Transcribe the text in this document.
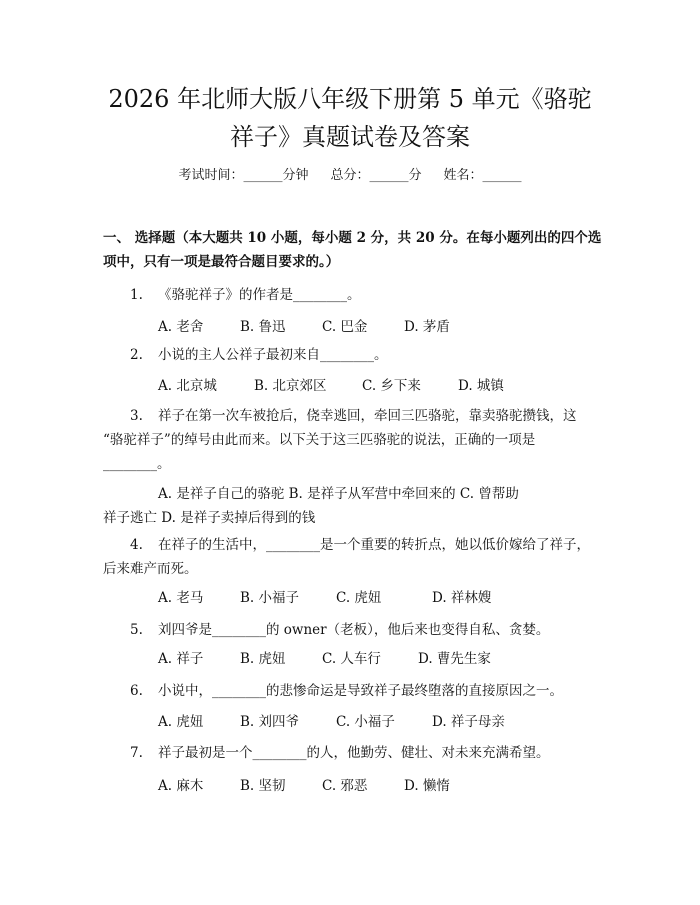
2026 年北师大版八年级下册第 5 单元《骆驼
祥子》真题试卷及答案
考试时间：______分钟 总分：______分 姓名：______
一、 选择题（本大题共 10 小题，每小题 2 分，共 20 分。在每小题列出的四个选
项中，只有一项是最符合题目要求的。）
1. 《骆驼祥子》的作者是________。
A. 老舍	B. 鲁迅	C. 巴金	D. 茅盾
2. 小说的主人公祥子最初来自________。
A. 北京城	B. 北京郊区	C. 乡下来	D. 城镇
3. 祥子在第一次车被抢后，侥幸逃回，牵回三匹骆驼，靠卖骆驼攒钱，这
“骆驼祥子”的绰号由此而来。以下关于这三匹骆驼的说法，正确的一项是
________。
A. 是祥子自己的骆驼 B. 是祥子从军营中牵回来的 C. 曾帮助
祥子逃亡 D. 是祥子卖掉后得到的钱
4. 在祥子的生活中，________是一个重要的转折点，她以低价嫁给了祥子，
后来难产而死。
A. 老马	B. 小福子	C. 虎妞	D. 祥林嫂
5. 刘四爷是________的 owner（老板），他后来也变得自私、贪婪。
A. 祥子	B. 虎妞	C. 人车行	D. 曹先生家
6. 小说中，________的悲惨命运是导致祥子最终堕落的直接原因之一。
A. 虎妞	B. 刘四爷	C. 小福子	D. 祥子母亲
7. 祥子最初是一个________的人，他勤劳、健壮、对未来充满希望。
A. 麻木	B. 坚韧	C. 邪恶	D. 懒惰
